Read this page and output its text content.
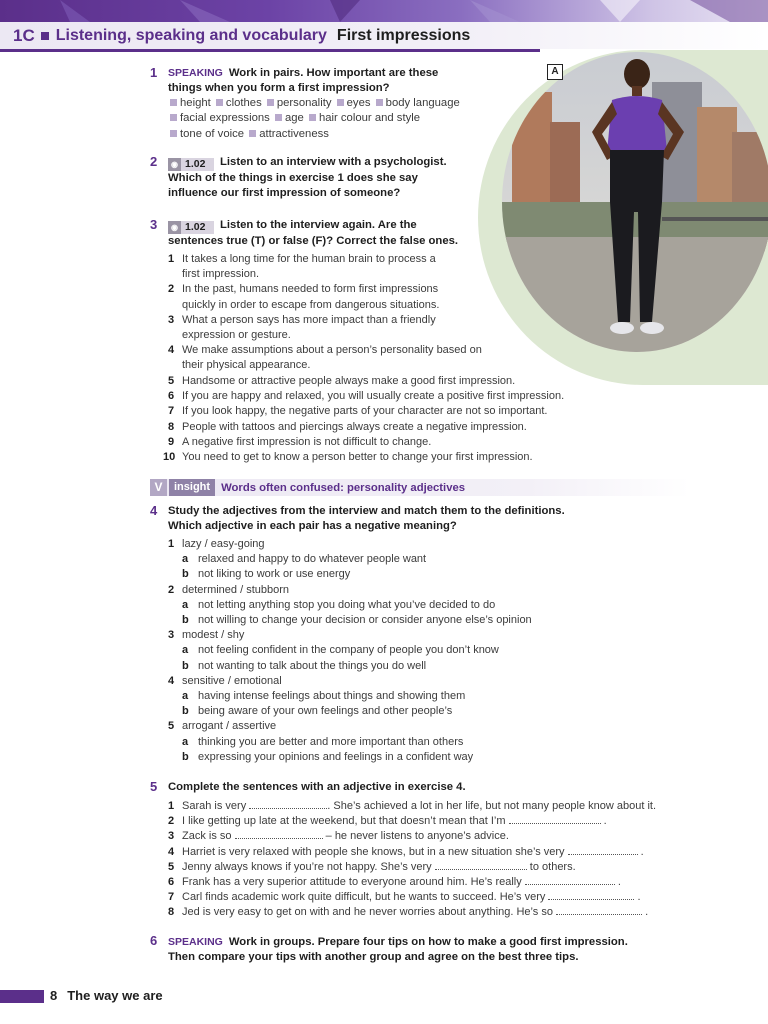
1C Listening, speaking and vocabulary First impressions
A
1 SPEAKING Work in pairs. How important are these
things when you form a first impression?
height clothes personality eyes body language
facial expressions age hair colour and style
tone of voice attractiveness
2	◉ 1.02 Listen to an interview with a psychologist.
Which of the things in exercise 1 does she say
influence our first impression of someone?
3	◉ 1.02 Listen to the interview again. Are the
sentences true (T) or false (F)? Correct the false ones.
1 It takes a long time for the human brain to process a
first impression.
2 In the past, humans needed to form first impressions
quickly in order to escape from dangerous situations.
3 What a person says has more impact than a friendly
expression or gesture.
4 We make assumptions about a person’s personality based on
their physical appearance.
5 Handsome or attractive people always make a good first impression.
6 If you are happy and relaxed, you will usually create a positive first impression.
7 If you look happy, the negative parts of your character are not so important.
8 People with tattoos and piercings always create a negative impression.
9 A negative first impression is not difficult to change.
10 You need to get to know a person better to change your first impression.
V	insight Words often confused: personality adjectives
4 Study the adjectives from the interview and match them to the definitions.
Which adjective in each pair has a negative meaning?
1 lazy / easy-going
a relaxed and happy to do whatever people want
b not liking to work or use energy
2 determined / stubborn
a not letting anything stop you doing what you’ve decided to do
b not willing to change your decision or consider anyone else’s opinion
3 modest / shy
a not feeling confident in the company of people you don’t know
b not wanting to talk about the things you do well
4 sensitive / emotional
a having intense feelings about things and showing them
b being aware of your own feelings and other people’s
5 arrogant / assertive
a thinking you are better and more important than others
b expressing your opinions and feelings in a confident way
5 Complete the sentences with an adjective in exercise 4.
1 Sarah is very	. She’s achieved a lot in her life, but not many people know about it.
2 I like getting up late at the weekend, but that doesn’t mean that I’m	.
3 Zack is so	– he never listens to anyone’s advice.
4 Harriet is very relaxed with people she knows, but in a new situation she’s very	.
5 Jenny always knows if you’re not happy. She’s very	to others.
6 Frank has a very superior attitude to everyone around him. He’s really	.
7 Carl finds academic work quite difficult, but he wants to succeed. He’s very	.
8 Jed is very easy to get on with and he never worries about anything. He’s so	.
6 SPEAKING Work in groups. Prepare four tips on how to make a good first impression.
Then compare your tips with another group and agree on the best three tips.
8 The way we are
